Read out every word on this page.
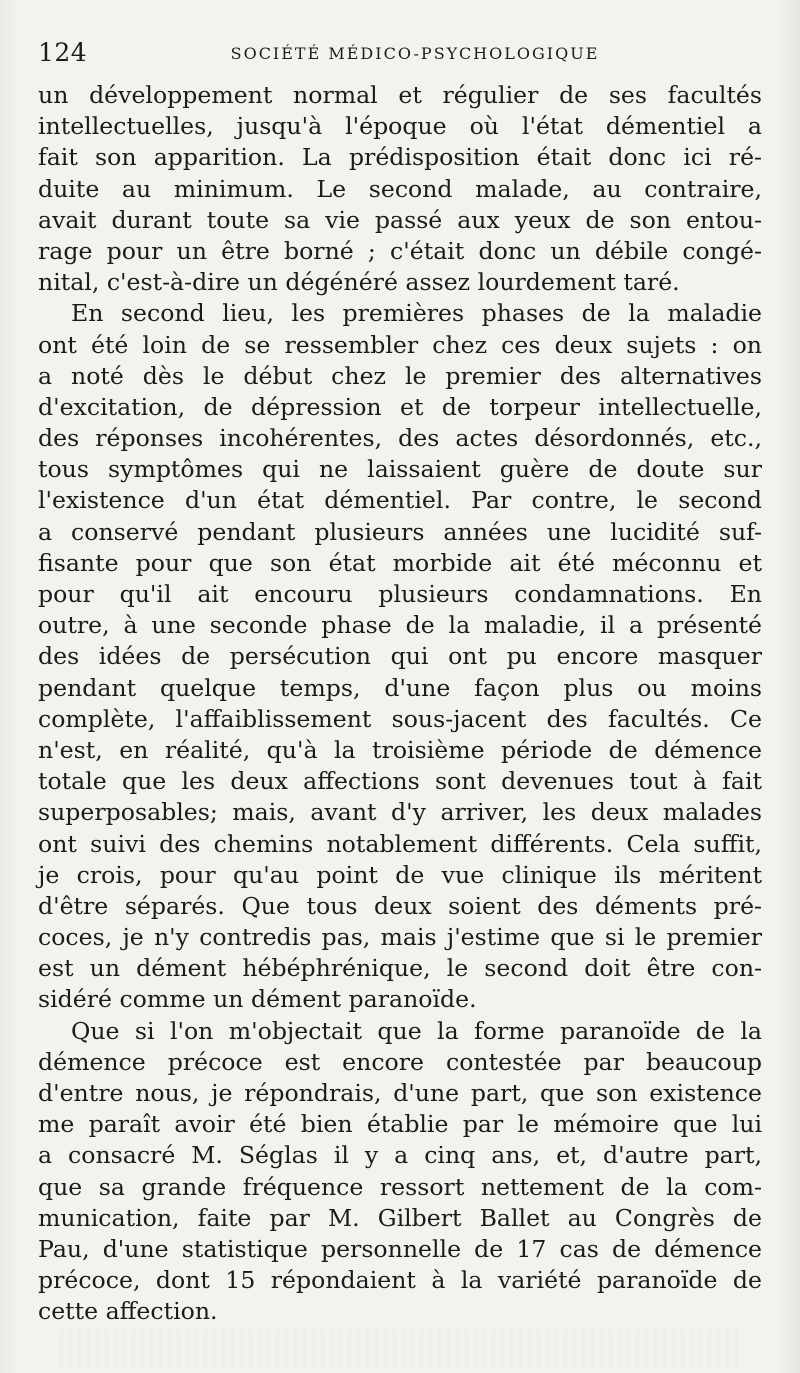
124	SOCIÉTÉ MÉDICO-PSYCHOLOGIQUE
un développement normal et régulier de ses facultés
intellectuelles, jusqu'à l'époque où l'état démentiel a
fait son apparition. La prédisposition était donc ici ré-
duite au minimum. Le second malade, au contraire,
avait durant toute sa vie passé aux yeux de son entou-
rage pour un être borné ; c'était donc un débile congé-
nital, c'est-à-dire un dégénéré assez lourdement taré.
En second lieu, les premières phases de la maladie
ont été loin de se ressembler chez ces deux sujets : on
a noté dès le début chez le premier des alternatives
d'excitation, de dépression et de torpeur intellectuelle,
des réponses incohérentes, des actes désordonnés, etc.,
tous symptômes qui ne laissaient guère de doute sur
l'existence d'un état démentiel. Par contre, le second
a conservé pendant plusieurs années une lucidité suf-
fisante pour que son état morbide ait été méconnu et
pour qu'il ait encouru plusieurs condamnations. En
outre, à une seconde phase de la maladie, il a présenté
des idées de persécution qui ont pu encore masquer
pendant quelque temps, d'une façon plus ou moins
complète, l'affaiblissement sous-jacent des facultés. Ce
n'est, en réalité, qu'à la troisième période de démence
totale que les deux affections sont devenues tout à fait
superposables; mais, avant d'y arriver, les deux malades
ont suivi des chemins notablement différents. Cela suffit,
je crois, pour qu'au point de vue clinique ils méritent
d'être séparés. Que tous deux soient des déments pré-
coces, je n'y contredis pas, mais j'estime que si le premier
est un dément hébéphrénique, le second doit être con-
sidéré comme un dément paranoïde.
Que si l'on m'objectait que la forme paranoïde de la
démence précoce est encore contestée par beaucoup
d'entre nous, je répondrais, d'une part, que son existence
me paraît avoir été bien établie par le mémoire que lui
a consacré M. Séglas il y a cinq ans, et, d'autre part,
que sa grande fréquence ressort nettement de la com-
munication, faite par M. Gilbert Ballet au Congrès de
Pau, d'une statistique personnelle de 17 cas de démence
précoce, dont 15 répondaient à la variété paranoïde de
cette affection.
